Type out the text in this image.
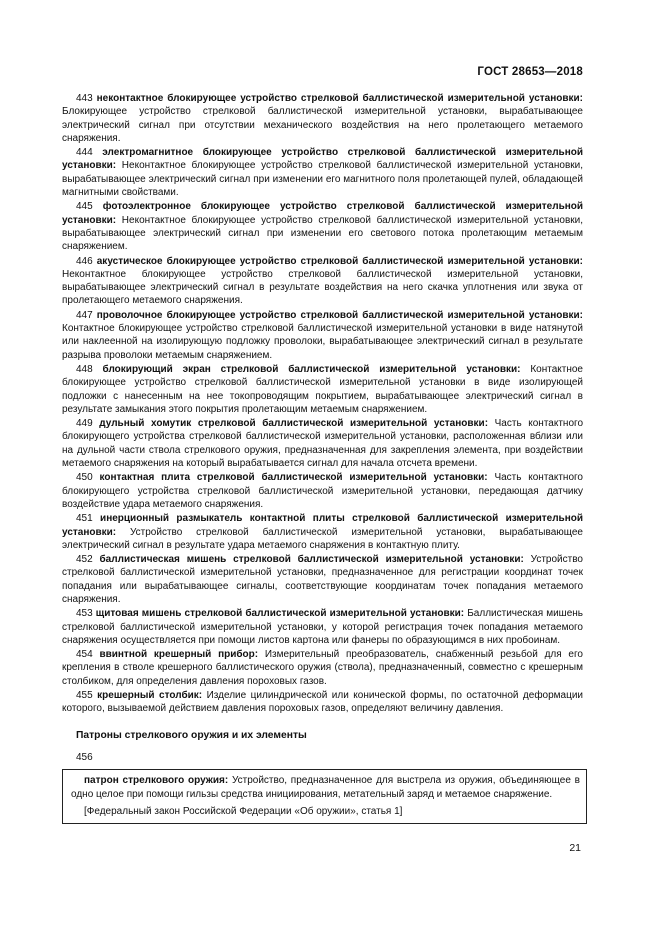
ГОСТ 28653—2018

443 неконтактное блокирующее устройство стрелковой баллистической измерительной установки: Блокирующее устройство стрелковой баллистической измерительной установки, вырабатывающее электрический сигнал при отсутствии механического воздействия на него пролетающего метаемого снаряжения.

444 электромагнитное блокирующее устройство стрелковой баллистической измерительной установки: Неконтактное блокирующее устройство стрелковой баллистической измерительной установки, вырабатывающее электрический сигнал при изменении его магнитного поля пролетающей пулей, обладающей магнитными свойствами.

445 фотоэлектронное блокирующее устройство стрелковой баллистической измерительной установки: Неконтактное блокирующее устройство стрелковой баллистической измерительной установки, вырабатывающее электрический сигнал при изменении его светового потока пролетающим метаемым снаряжением.

446 акустическое блокирующее устройство стрелковой баллистической измерительной установки: Неконтактное блокирующее устройство стрелковой баллистической измерительной установки, вырабатывающее электрический сигнал в результате воздействия на него скачка уплотнения или звука от пролетающего метаемого снаряжения.

447 проволочное блокирующее устройство стрелковой баллистической измерительной установки: Контактное блокирующее устройство стрелковой баллистической измерительной установки в виде натянутой или наклеенной на изолирующую подложку проволоки, вырабатывающее электрический сигнал в результате разрыва проволоки метаемым снаряжением.

448 блокирующий экран стрелковой баллистической измерительной установки: Контактное блокирующее устройство стрелковой баллистической измерительной установки в виде изолирующей подложки с нанесенным на нее токопроводящим покрытием, вырабатывающее электрический сигнал в результате замыкания этого покрытия пролетающим метаемым снаряжением.

449 дульный хомутик стрелковой баллистической измерительной установки: Часть контактного блокирующего устройства стрелковой баллистической измерительной установки, расположенная вблизи или на дульной части ствола стрелкового оружия, предназначенная для закрепления элемента, при воздействии метаемого снаряжения на который вырабатывается сигнал для начала отсчета времени.

450 контактная плита стрелковой баллистической измерительной установки: Часть контактного блокирующего устройства стрелковой баллистической измерительной установки, передающая датчику воздействие удара метаемого снаряжения.

451 инерционный размыкатель контактной плиты стрелковой баллистической измерительной установки: Устройство стрелковой баллистической измерительной установки, вырабатывающее электрический сигнал в результате удара метаемого снаряжения в контактную плиту.

452 баллистическая мишень стрелковой баллистической измерительной установки: Устройство стрелковой баллистической измерительной установки, предназначенное для регистрации координат точек попадания или вырабатывающее сигналы, соответствующие координатам точек попадания метаемого снаряжения.

453 щитовая мишень стрелковой баллистической измерительной установки: Баллистическая мишень стрелковой баллистической измерительной установки, у которой регистрация точек попадания метаемого снаряжения осуществляется при помощи листов картона или фанеры по образующимся в них пробоинам.

454 ввинтной крешерный прибор: Измерительный преобразователь, снабженный резьбой для его крепления в стволе крешерного баллистического оружия (ствола), предназначенный, совместно с крешерным столбиком, для определения давления пороховых газов.

455 крешерный столбик: Изделие цилиндрической или конической формы, по остаточной деформации которого, вызываемой действием давления пороховых газов, определяют величину давления.

Патроны стрелкового оружия и их элементы
456

патрон стрелкового оружия: Устройство, предназначенное для выстрела из оружия, объединяющее в одно целое при помощи гильзы средства инициирования, метательный заряд и метаемое снаряжение.

[Федеральный закон Российской Федерации «Об оружии», статья 1]

21
